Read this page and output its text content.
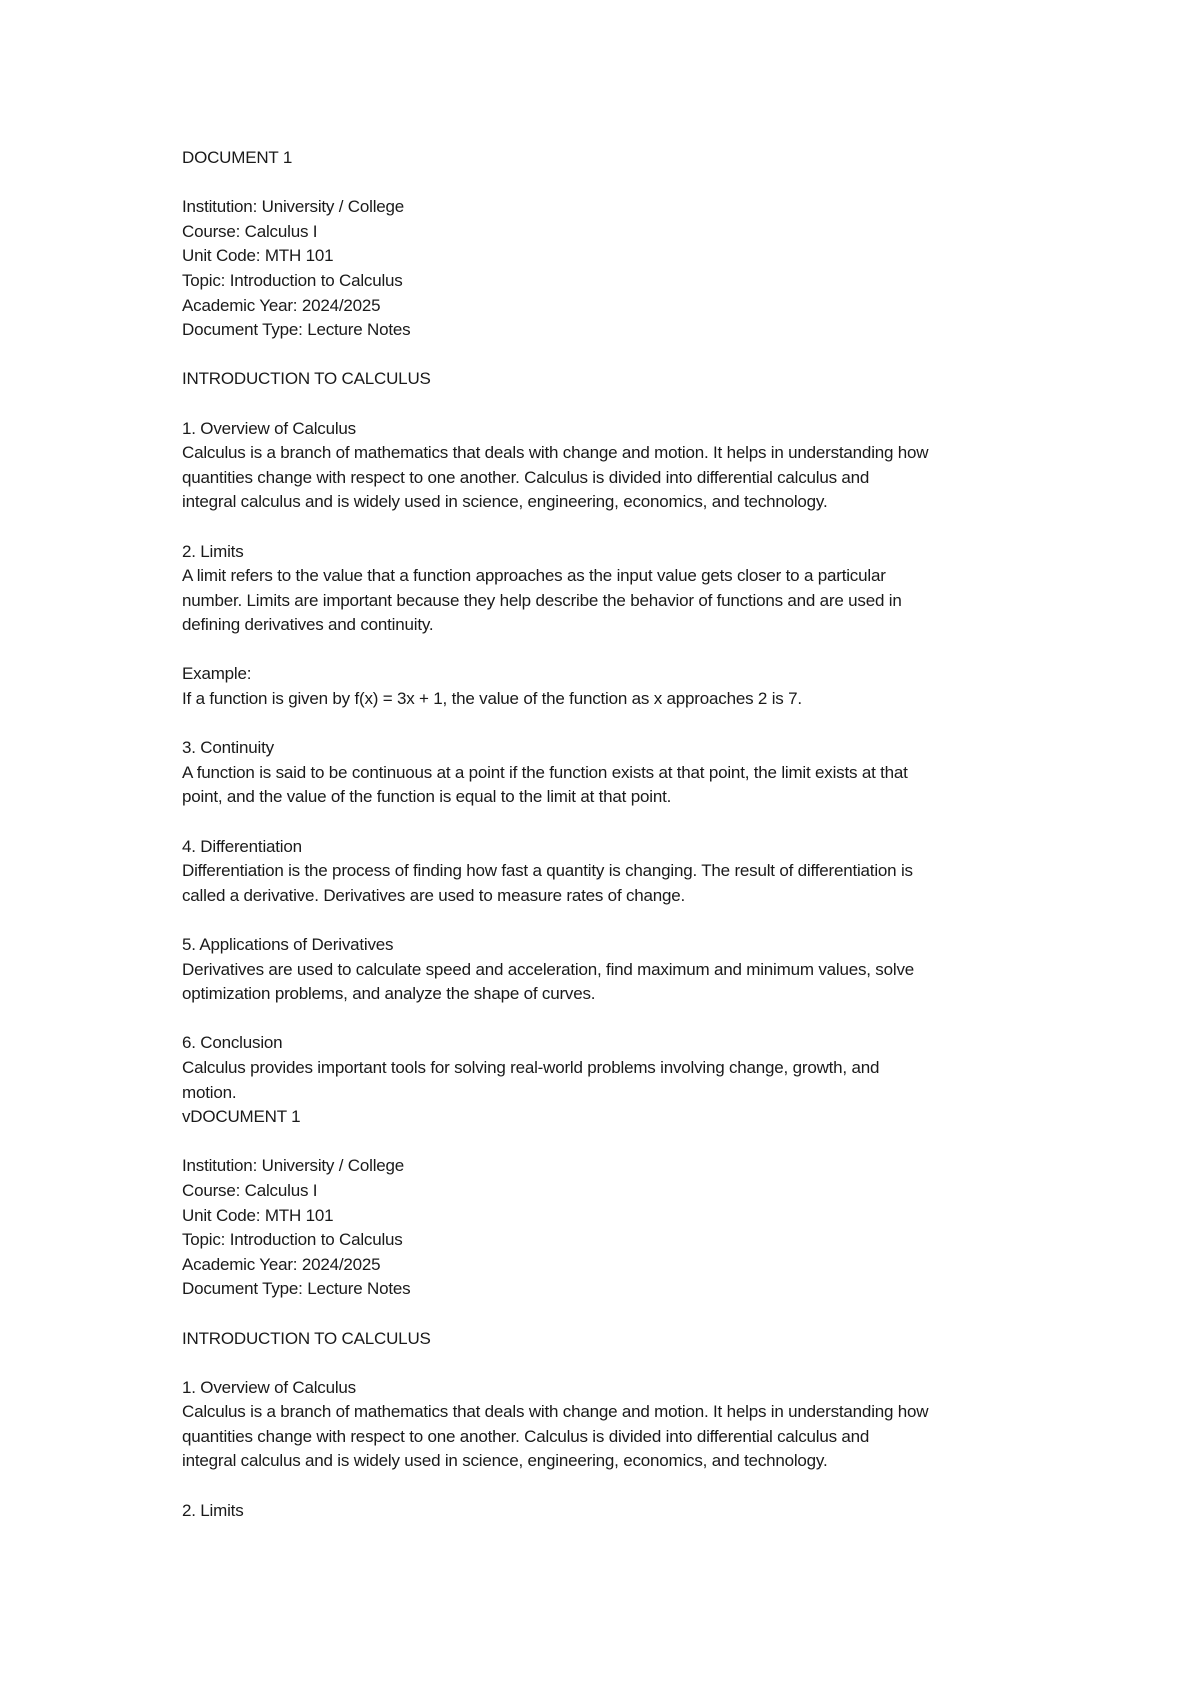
DOCUMENT 1
Institution: University / College
Course: Calculus I
Unit Code: MTH 101
Topic: Introduction to Calculus
Academic Year: 2024/2025
Document Type: Lecture Notes
INTRODUCTION TO CALCULUS
1. Overview of Calculus
Calculus is a branch of mathematics that deals with change and motion. It helps in understanding how
quantities change with respect to one another. Calculus is divided into differential calculus and
integral calculus and is widely used in science, engineering, economics, and technology.
2. Limits
A limit refers to the value that a function approaches as the input value gets closer to a particular
number. Limits are important because they help describe the behavior of functions and are used in
defining derivatives and continuity.
Example:
If a function is given by f(x) = 3x + 1, the value of the function as x approaches 2 is 7.
3. Continuity
A function is said to be continuous at a point if the function exists at that point, the limit exists at that
point, and the value of the function is equal to the limit at that point.
4. Differentiation
Differentiation is the process of finding how fast a quantity is changing. The result of differentiation is
called a derivative. Derivatives are used to measure rates of change.
5. Applications of Derivatives
Derivatives are used to calculate speed and acceleration, find maximum and minimum values, solve
optimization problems, and analyze the shape of curves.
6. Conclusion
Calculus provides important tools for solving real-world problems involving change, growth, and
motion.
vDOCUMENT 1
Institution: University / College
Course: Calculus I
Unit Code: MTH 101
Topic: Introduction to Calculus
Academic Year: 2024/2025
Document Type: Lecture Notes
INTRODUCTION TO CALCULUS
1. Overview of Calculus
Calculus is a branch of mathematics that deals with change and motion. It helps in understanding how
quantities change with respect to one another. Calculus is divided into differential calculus and
integral calculus and is widely used in science, engineering, economics, and technology.
2. Limits
